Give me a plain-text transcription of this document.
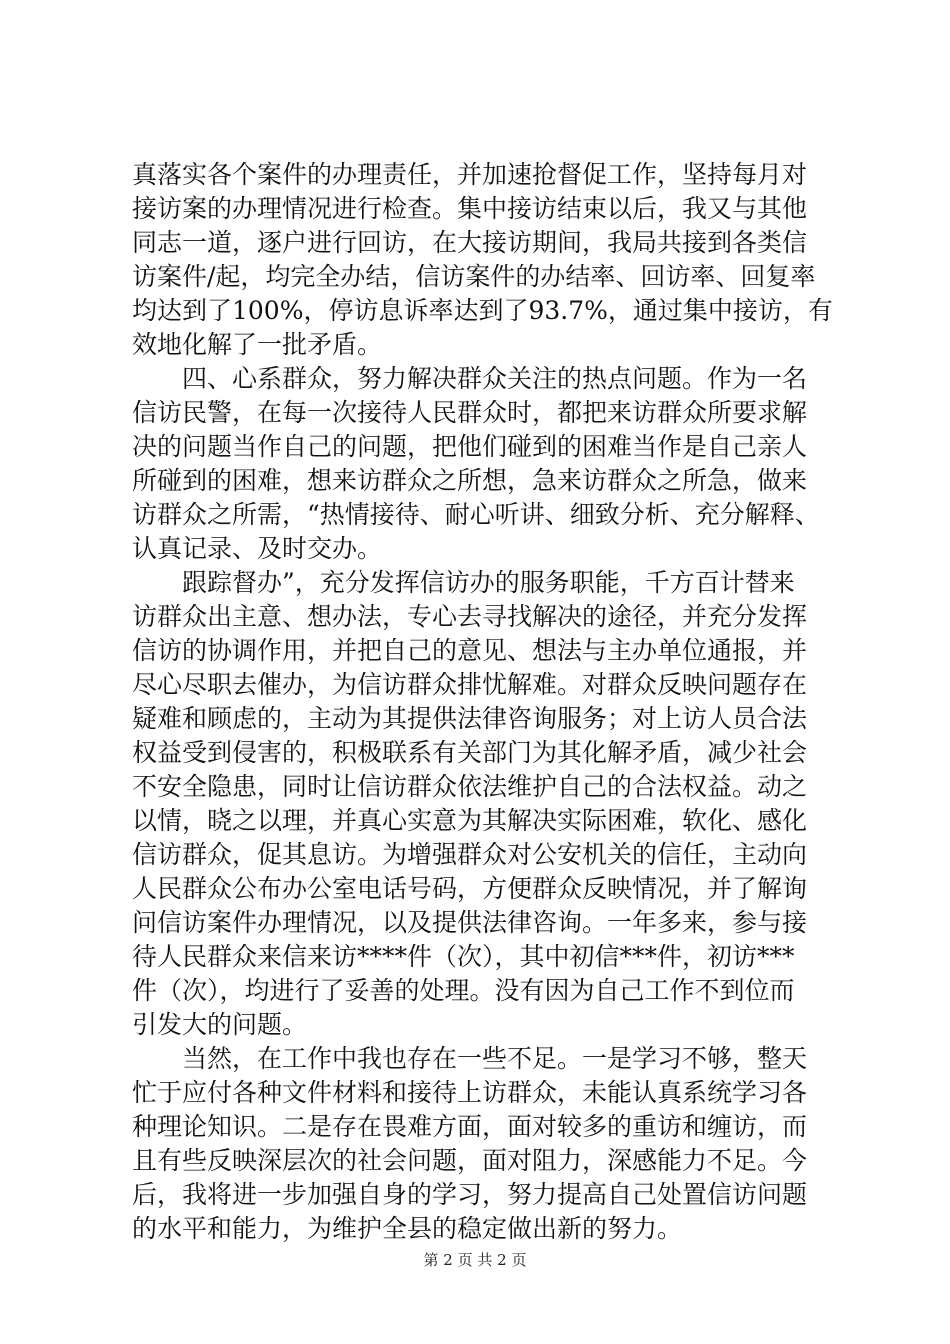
真落实各个案件的办理责任，并加速抢督促工作，坚持每月对
接访案的办理情况进行检查。集中接访结束以后，我又与其他
同志一道，逐户进行回访，在大接访期间，我局共接到各类信
访案件/起，均完全办结，信访案件的办结率、回访率、回复率
均达到了100%，停访息诉率达到了93.7%，通过集中接访，有
效地化解了一批矛盾。
四、心系群众，努力解决群众关注的热点问题。作为一名
信访民警，在每一次接待人民群众时，都把来访群众所要求解
决的问题当作自己的问题，把他们碰到的困难当作是自己亲人
所碰到的困难，想来访群众之所想，急来访群众之所急，做来
访群众之所需，“热情接待、耐心听讲、细致分析、充分解释、
认真记录、及时交办。
跟踪督办”，充分发挥信访办的服务职能，千方百计替来
访群众出主意、想办法，专心去寻找解决的途径，并充分发挥
信访的协调作用，并把自己的意见、想法与主办单位通报，并
尽心尽职去催办，为信访群众排忧解难。对群众反映问题存在
疑难和顾虑的，主动为其提供法律咨询服务；对上访人员合法
权益受到侵害的，积极联系有关部门为其化解矛盾，减少社会
不安全隐患，同时让信访群众依法维护自己的合法权益。动之
以情，晓之以理，并真心实意为其解决实际困难，软化、感化
信访群众，促其息访。为增强群众对公安机关的信任，主动向
人民群众公布办公室电话号码，方便群众反映情况，并了解询
问信访案件办理情况，以及提供法律咨询。一年多来，参与接
待人民群众来信来访****件（次），其中初信***件，初访***
件（次），均进行了妥善的处理。没有因为自己工作不到位而
引发大的问题。
当然，在工作中我也存在一些不足。一是学习不够，整天
忙于应付各种文件材料和接待上访群众，未能认真系统学习各
种理论知识。二是存在畏难方面，面对较多的重访和缠访，而
且有些反映深层次的社会问题，面对阻力，深感能力不足。今
后，我将进一步加强自身的学习，努力提高自己处置信访问题
的水平和能力，为维护全县的稳定做出新的努力。
第 2 页 共 2 页
